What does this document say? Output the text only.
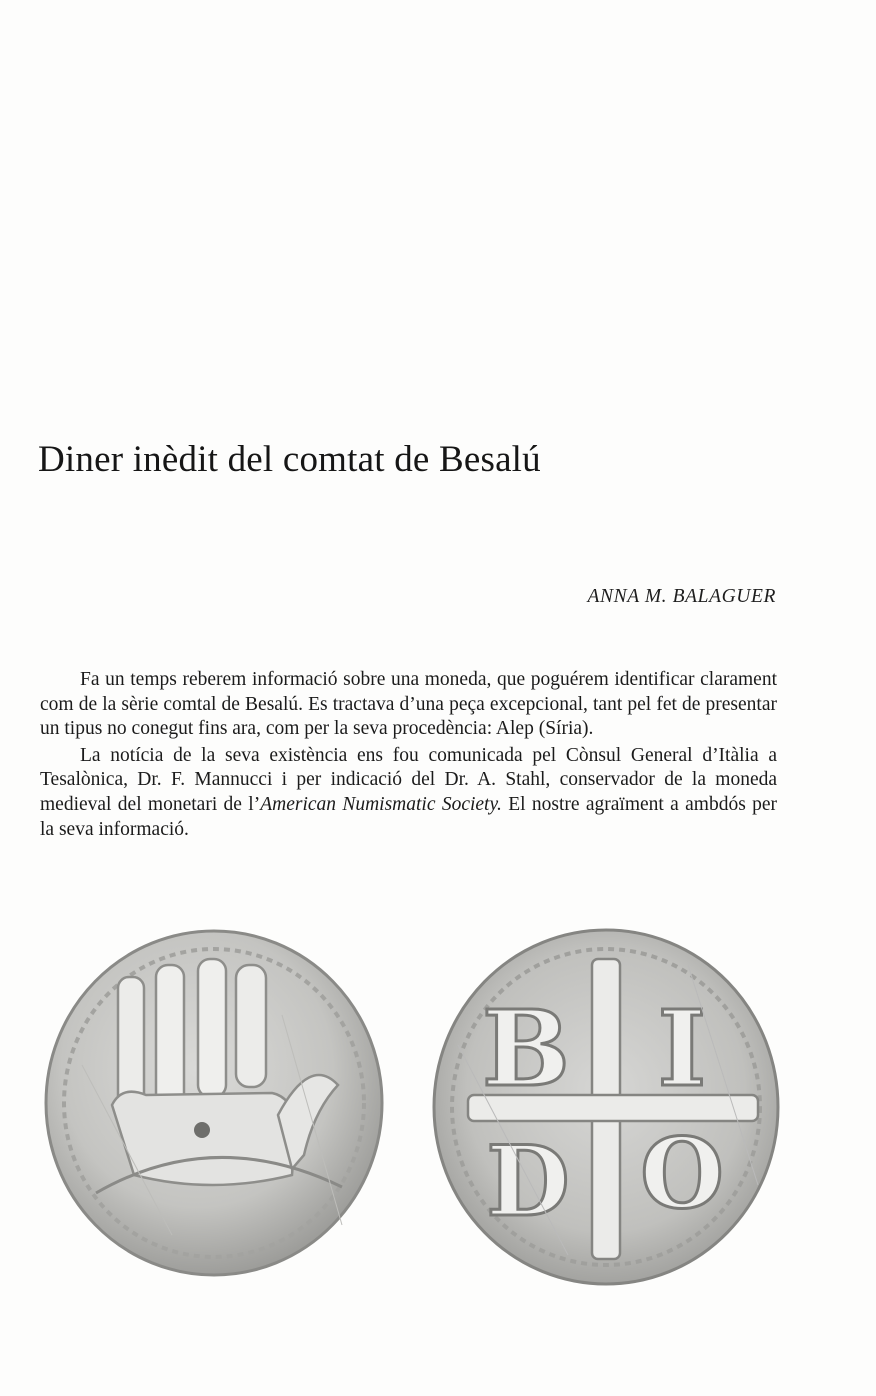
Diner inèdit del comtat de Besalú
ANNA M. BALAGUER

Fa un temps reberem informació sobre una moneda, que poguérem identificar clarament com de la sèrie comtal de Besalú. Es tractava d’una peça excepcional, tant pel fet de presentar un tipus no conegut fins ara, com per la seva procedència: Alep (Síria).

La notícia de la seva existència ens fou comunicada pel Cònsul General d’Itàlia a Tesalònica, Dr. F. Mannucci i per indicació del Dr. A. Stahl, conservador de la moneda medieval del monetari de l’American Numismatic Society. El nostre agraïment a ambdós per la seva informació.

B I
D O
